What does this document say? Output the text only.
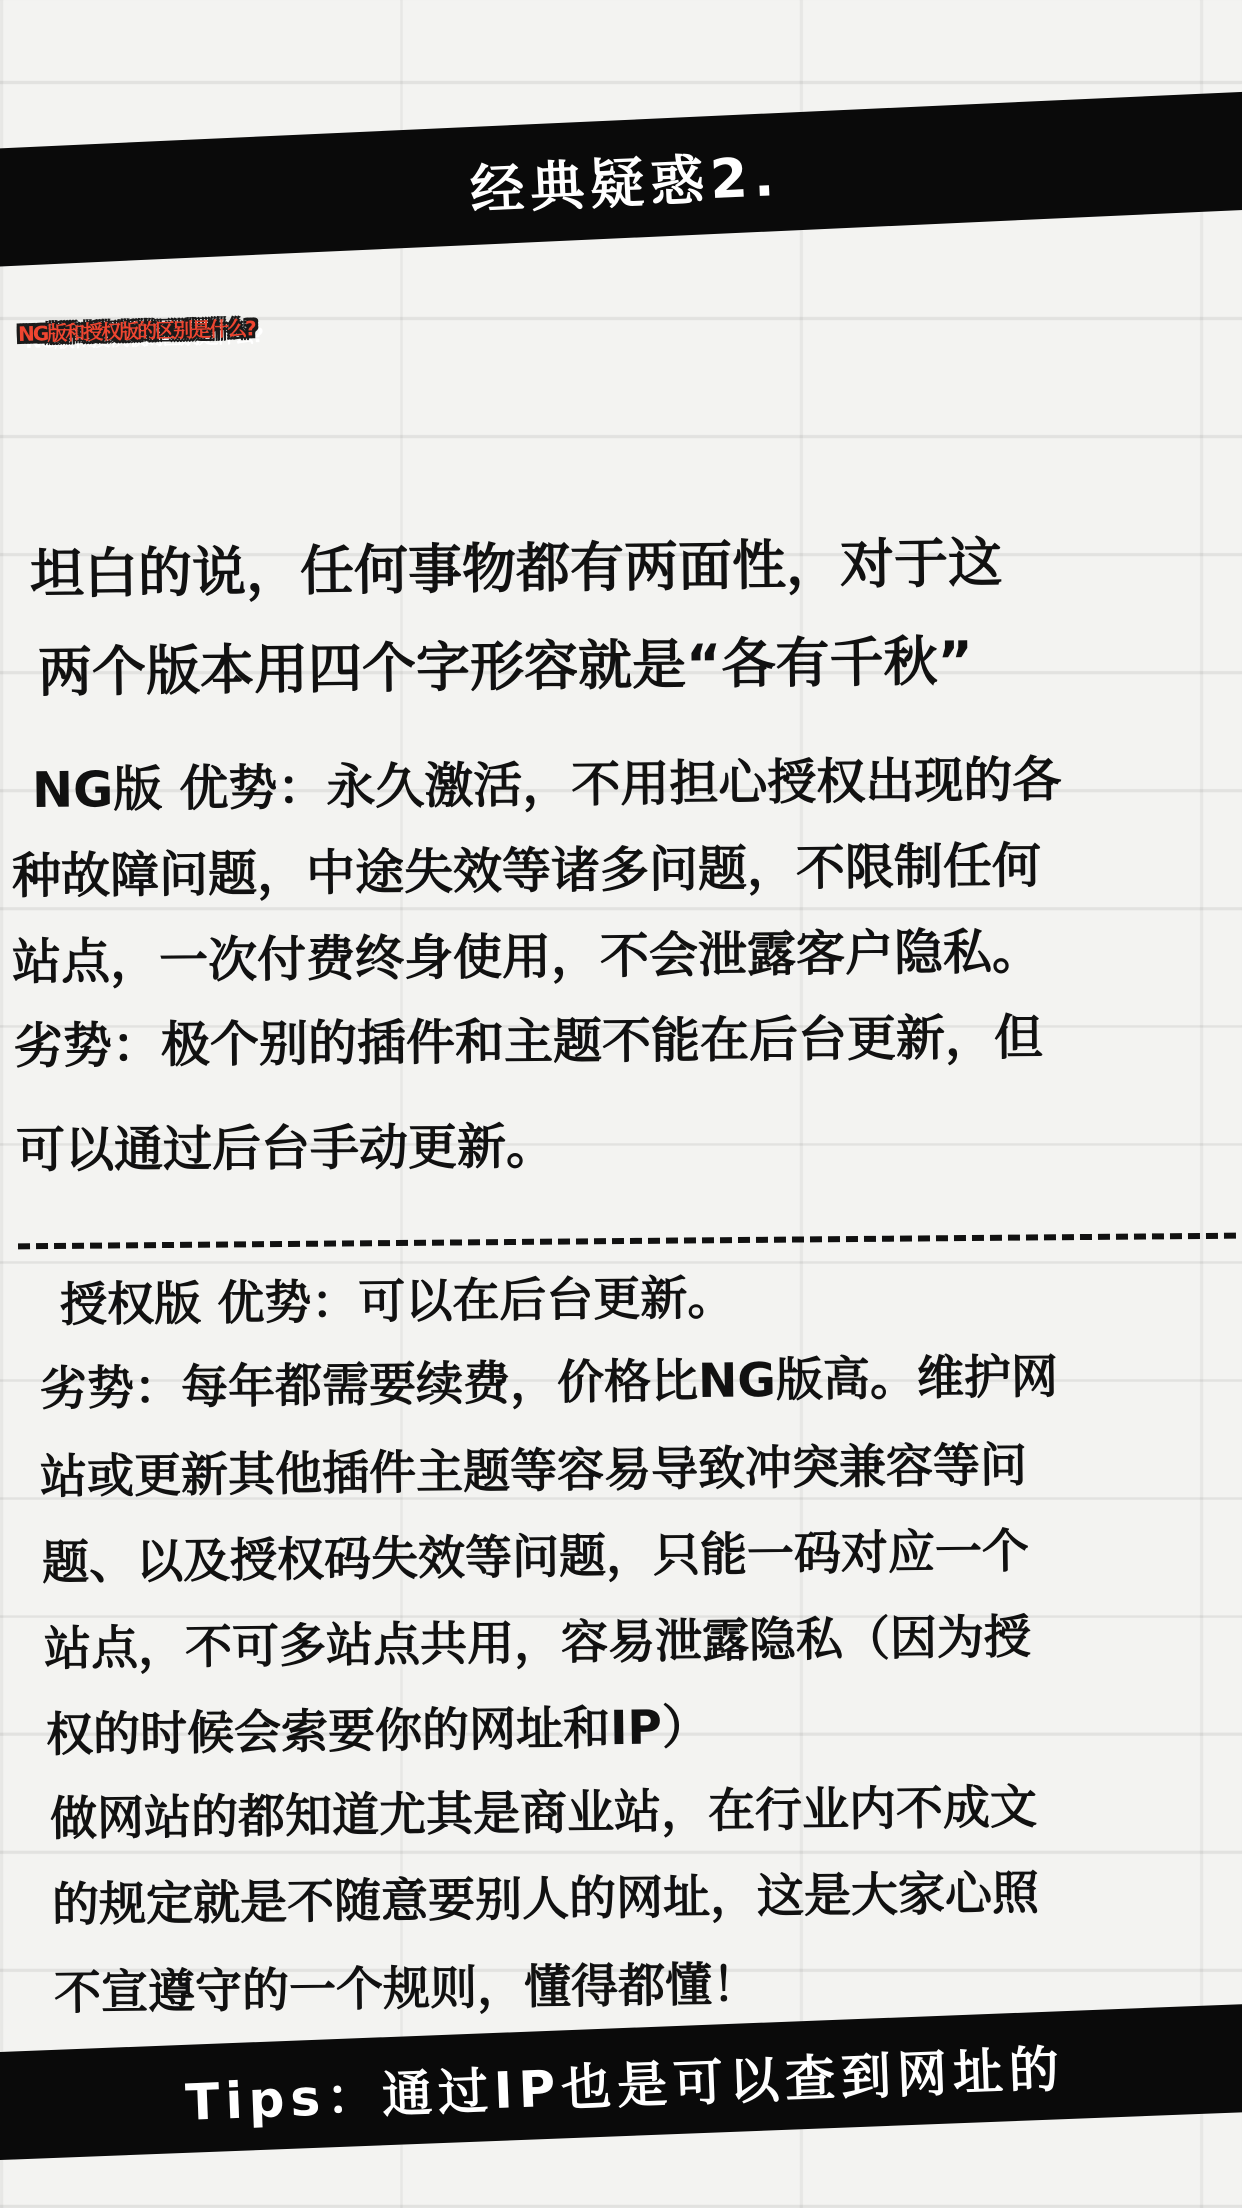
经典疑惑2.
NG版和授权版的区别是什么?

坦白的说，任何事物都有两面性，对于这

两个版本用四个字形容就是“各有千秋”

NG版 优势：永久激活，不用担心授权出现的各

种故障问题，中途失效等诸多问题，不限制任何

站点，一次付费终身使用，不会泄露客户隐私。

劣势：极个别的插件和主题不能在后台更新，但

可以通过后台手动更新。

授权版 优势：可以在后台更新。

劣势：每年都需要续费，价格比NG版高。维护网

站或更新其他插件主题等容易导致冲突兼容等问

题、以及授权码失效等问题，只能一码对应一个

站点，不可多站点共用，容易泄露隐私（因为授

权的时候会索要你的网址和IP）

做网站的都知道尤其是商业站，在行业内不成文

的规定就是不随意要别人的网址，这是大家心照

不宣遵守的一个规则，懂得都懂！

Tips：通过IP也是可以查到网址的
